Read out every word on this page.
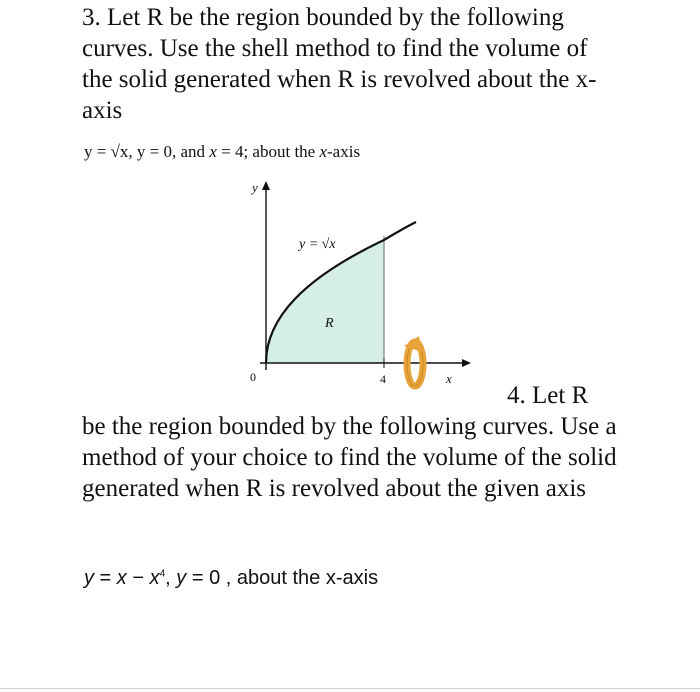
3. Let R be the region bounded by the following curves. Use the shell method to find the volume of the solid generated when R is revolved about the x-axis

y = √x, y = 0, and x = 4; about the x-axis
y
x
0	4
y = √x
R
4. Let R

be the region bounded by the following curves. Use a method of your choice to find the volume of the solid generated when R is revolved about the given axis

$y = x - x^4$, y = 0 , about the x-axis
